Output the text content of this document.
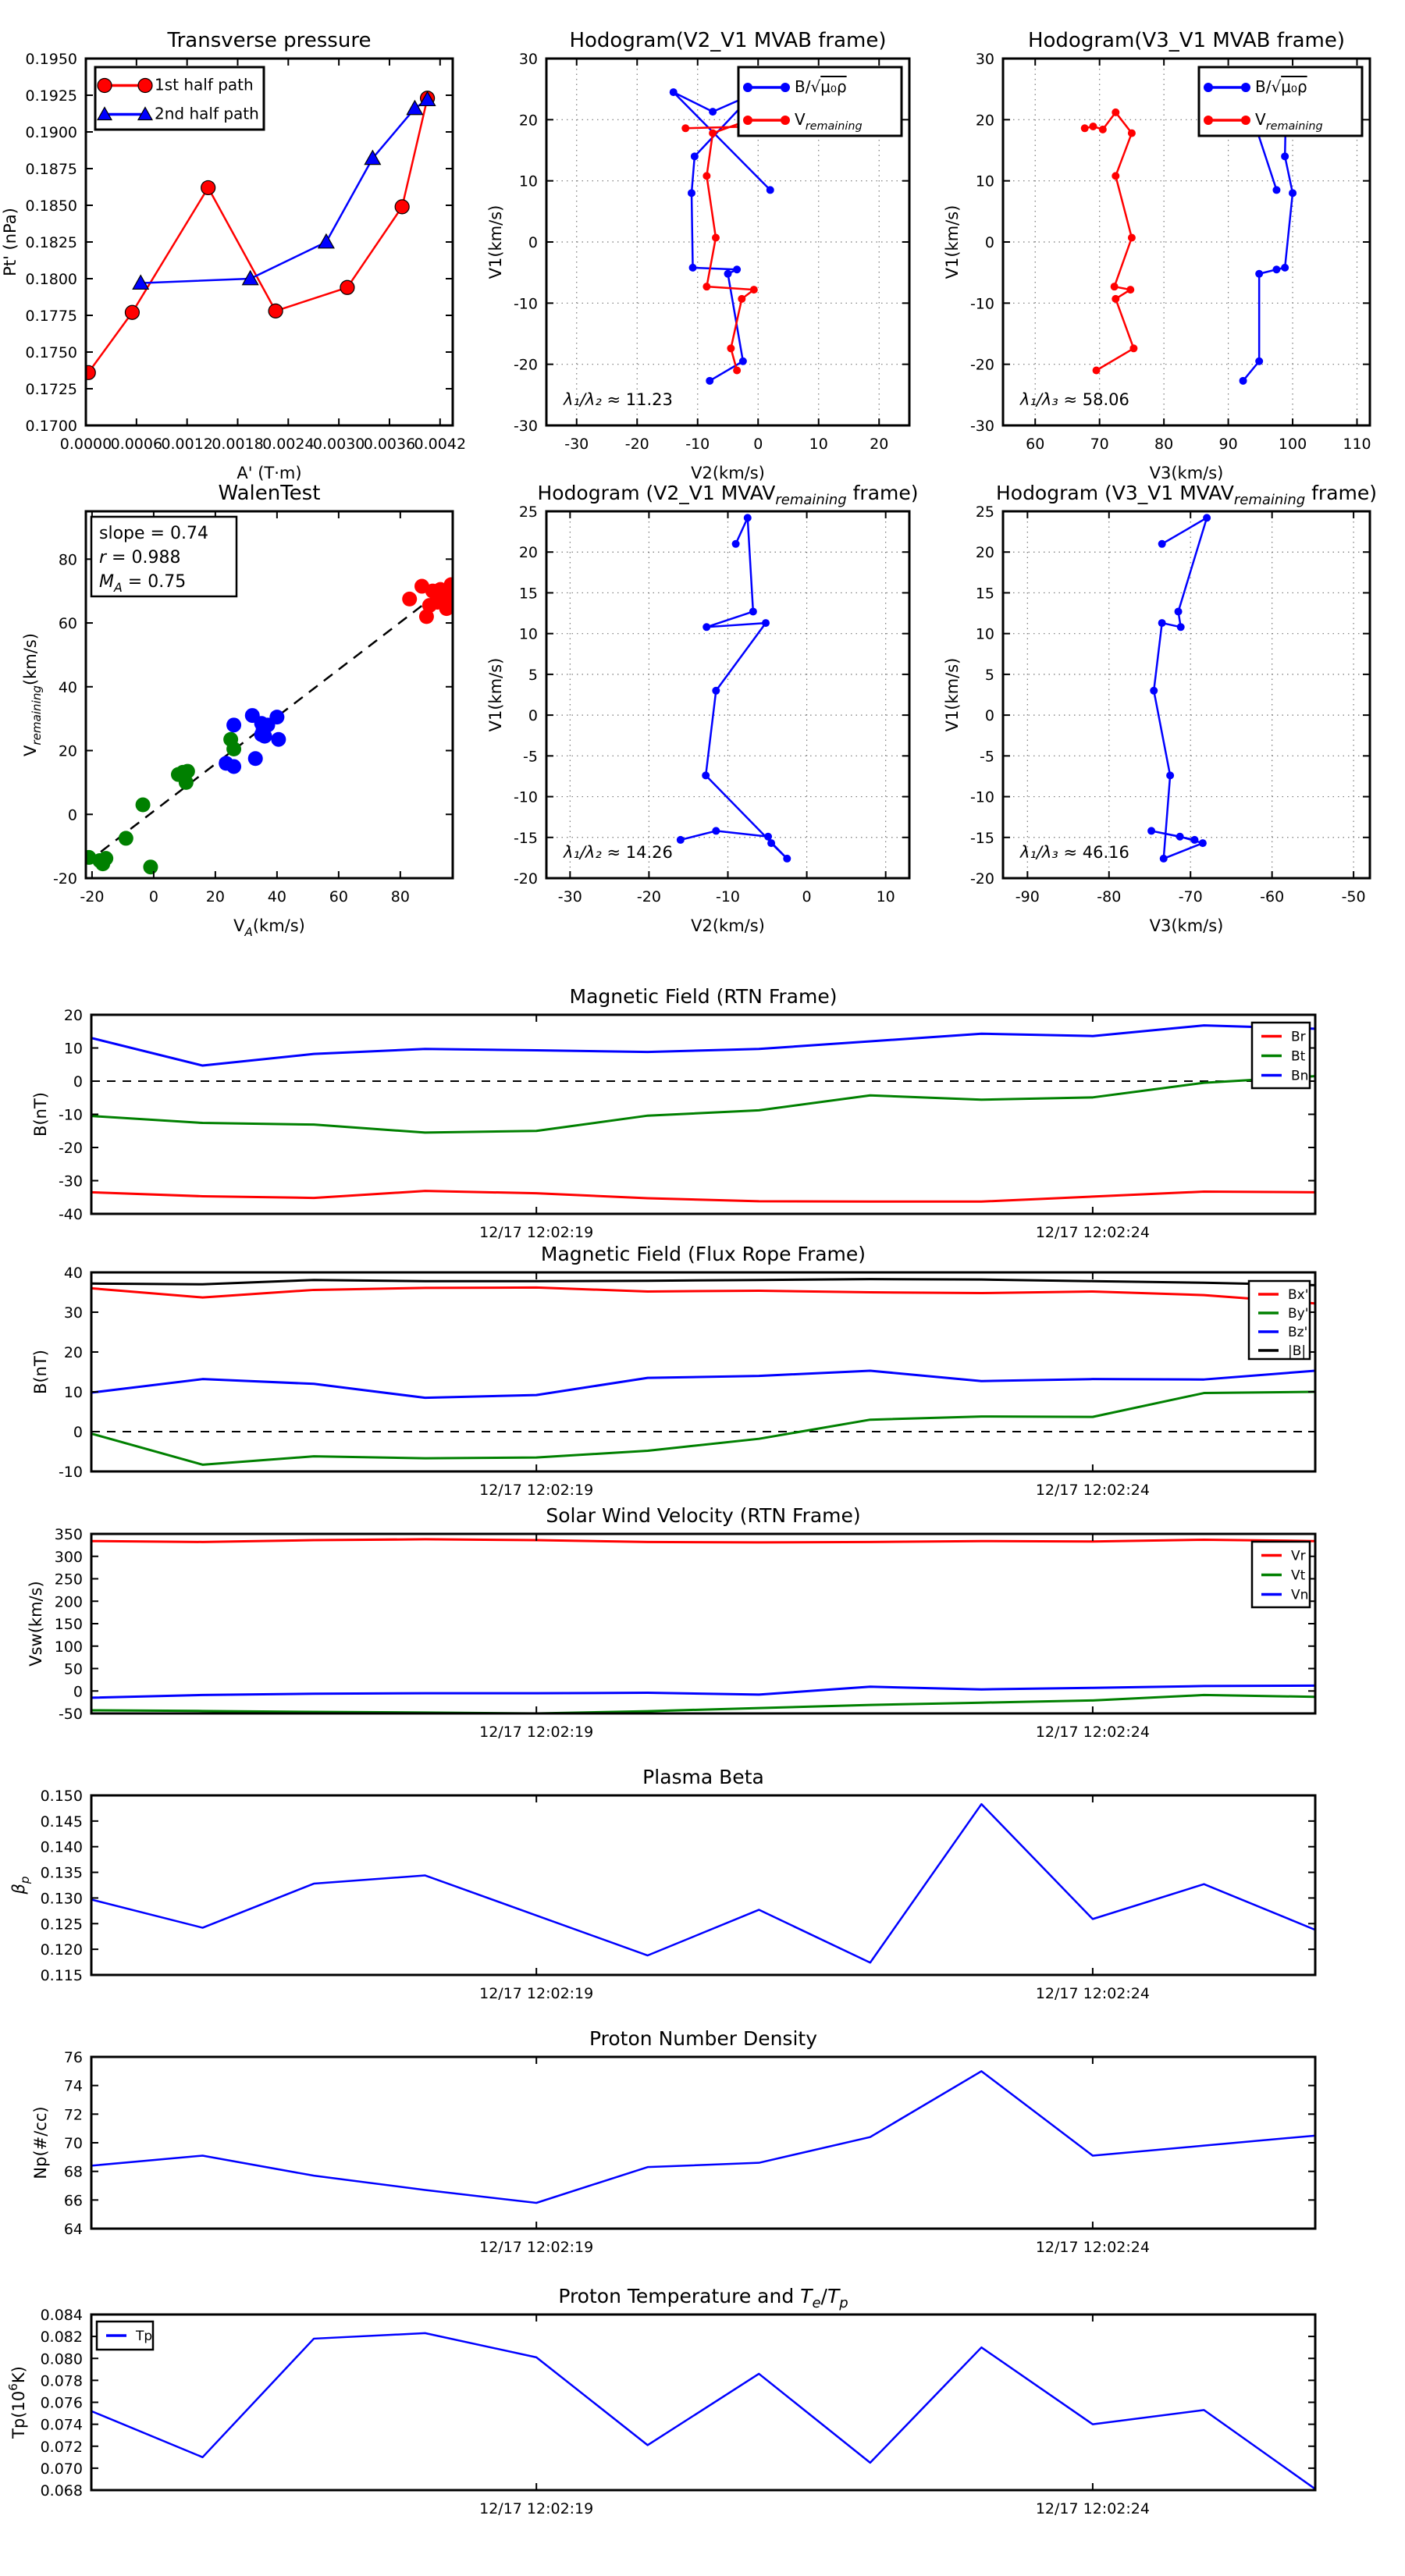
0.0000
0.0006
0.0012
0.0018
0.0024
0.0030
0.0036
0.0042
0.1700
0.1725
0.1750
0.1775
0.1800
0.1825
0.1850
0.1875
0.1900
0.1925
0.1950
Transverse pressure
A' (T·m)
Pt' (nPa)
1st half path
2nd half path
-30 -20 -10	0	10	20
-30
-20
-10
0
10
20
30
Hodogram(V2_V1 MVAB frame)
V2(km/s)
V1(km/s)
λ₁/λ₂ ≈ 11.23
B/√μ₀ρ
$V_{remaining}$
60	70	80	90	100 110
-30
-20
-10
0
10
20
30
Hodogram(V3_V1 MVAB frame)
V3(km/s)
V1(km/s)
λ₁/λ₃ ≈ 58.06
B/√μ₀ρ
$V_{remaining}$
-20	0	20	40	60	80
-20
0
20
40
60
80
WalenTest
$V_A(km/s)$
$V_{remaining}(km/s)$
slope = 0.74
r = 0.988
$M_A = 0.75$
-30	-20	-10	0	10
-20
-15
-10
-5
0
5
10
15
20
25
Hodogram (V2_V1 $MVAV_{remaining}$ frame)
V2(km/s)
V1(km/s)
λ₁/λ₂ ≈ 14.26
-90	-80	-70	-60	-50
-20
-15
-10
-5
0
5
10
15
20
25
Hodogram (V3_V1 $MVAV_{remaining}$ frame)
V3(km/s)
V1(km/s)
λ₁/λ₃ ≈ 46.16
12/17 12:02:19	12/17 12:02:24
-40
-30
-20
-10
0
10
20
Magnetic Field (RTN Frame)
B(nT)
Br
Bt
Bn
12/17 12:02:19	12/17 12:02:24
-10
0
10
20
30
40
Magnetic Field (Flux Rope Frame)
B(nT)
Bx'
By'
Bz'
|B|
12/17 12:02:19	12/17 12:02:24
-50
0
50
100
150
200
250
300
350
Solar Wind Velocity (RTN Frame)
Vsw(km/s)
Vr
Vt
Vn
12/17 12:02:19	12/17 12:02:24
0.115
0.120
0.125
0.130
0.135
0.140
0.145
0.150
Plasma Beta
$\beta_p$
12/17 12:02:19	12/17 12:02:24
64
66
68
70
72
74
76
Proton Number Density
Np(#/cc)
12/17 12:02:19	12/17 12:02:24
0.068
0.070
0.072
0.074
0.076
0.078
0.080
0.082
0.084
Proton Temperature and $T_e/T_p$
$Tp(10^6K)$
Tp
